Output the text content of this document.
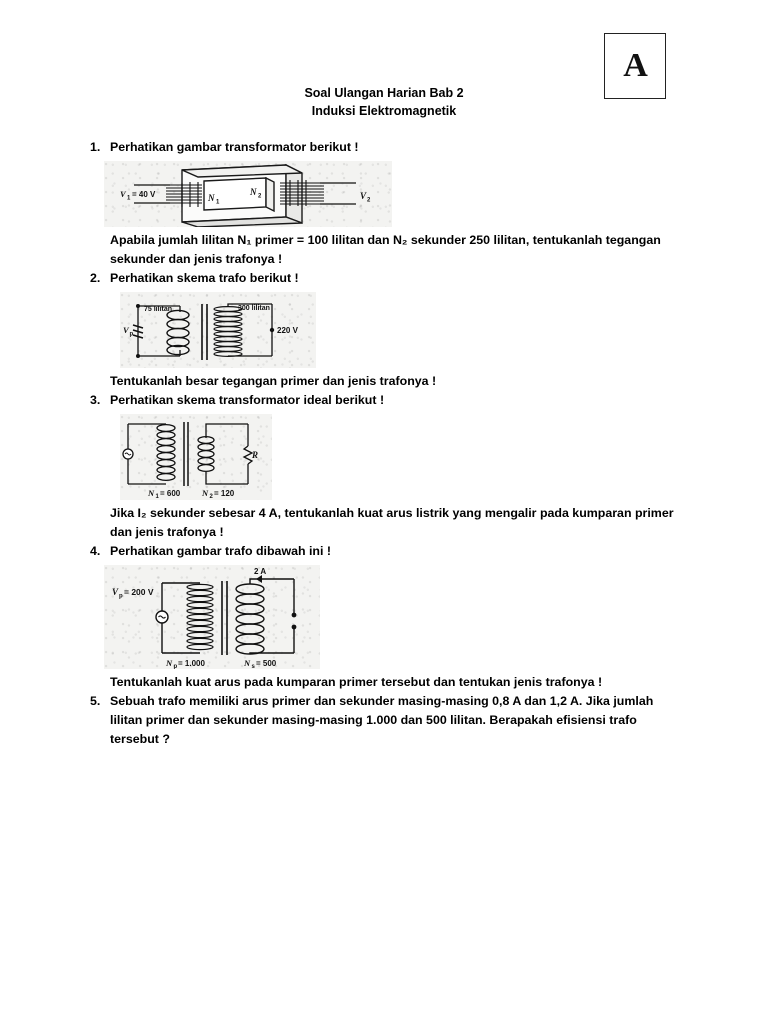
A
Soal Ulangan Harian Bab 2
Induksi Elektromagnetik
1. Perhatikan gambar transformator berikut !
V 1 = 40 V	N 1
N 2	V 2
Apabila jumlah lilitan N₁ primer = 100 lilitan dan N₂ sekunder 250 lilitan, tentukanlah tegangan
sekunder dan jenis trafonya !
2. Perhatikan skema trafo berikut !
75 lilitan	300 lilitan
V p	220 V
Tentukanlah besar tegangan primer dan jenis trafonya !
3. Perhatikan skema transformator ideal berikut !
R
N 1 = 600	N 2 = 120
Jika I₂ sekunder sebesar 4 A, tentukanlah kuat arus listrik yang mengalir pada kumparan primer
dan jenis trafonya !
4. Perhatikan gambar trafo dibawah ini !
2 A
V p = 200 V
N p = 1.000	N s = 500
Tentukanlah kuat arus pada kumparan primer tersebut dan tentukan jenis trafonya !
5. Sebuah trafo memiliki arus primer dan sekunder masing-masing 0,8 A dan 1,2 A. Jika jumlah
lilitan primer dan sekunder masing-masing 1.000 dan 500 lilitan. Berapakah efisiensi trafo
tersebut ?
